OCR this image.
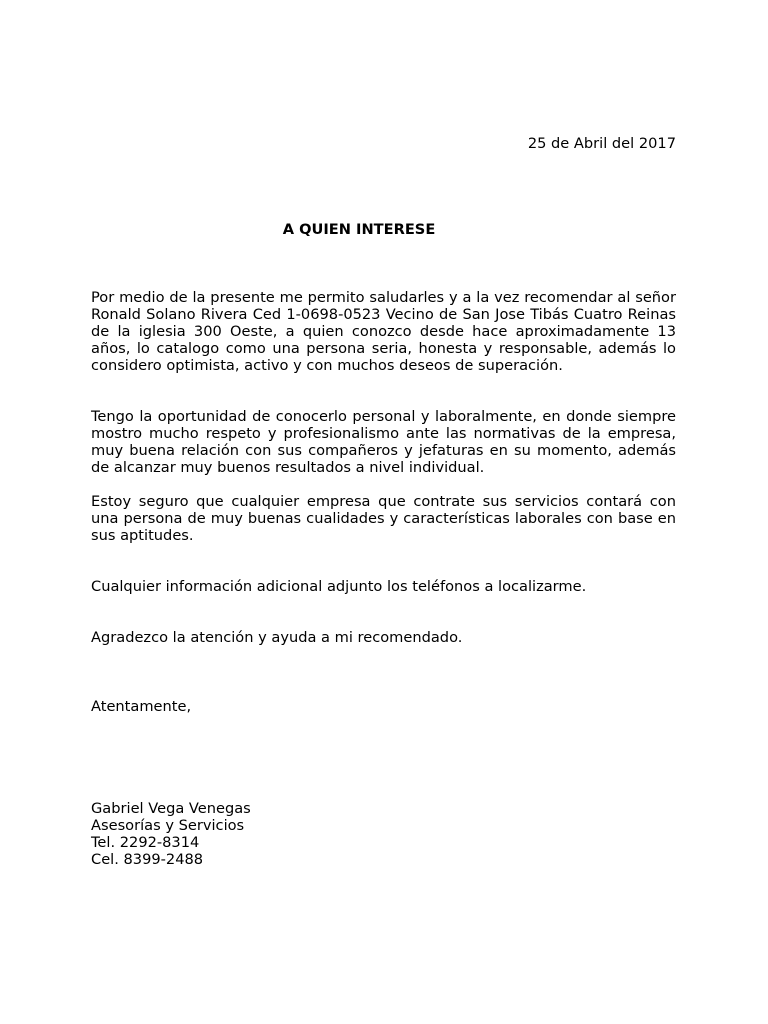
25 de Abril del 2017
A QUIEN INTERESE

Por medio de la presente me permito saludarles y a la vez recomendar al señor Ronald Solano Rivera Ced 1-0698-0523 Vecino de San Jose Tibás Cuatro Reinas de la iglesia 300 Oeste, a quien conozco desde hace aproximadamente 13 años, lo catalogo como una persona seria, honesta y responsable, además lo considero optimista, activo y con muchos deseos de superación.

Tengo la oportunidad de conocerlo personal y laboralmente, en donde siempre mostro mucho respeto y profesionalismo ante las normativas de la empresa, muy buena relación con sus compañeros y jefaturas en su momento, además de alcanzar muy buenos resultados a nivel individual.

Estoy seguro que cualquier empresa que contrate sus servicios contará con una persona de muy buenas cualidades y características laborales con base en sus aptitudes.

Cualquier información adicional adjunto los teléfonos a localizarme.

Agradezco la atención y ayuda a mi recomendado.

Atentamente,

Gabriel Vega Venegas
Asesorías y Servicios
Tel. 2292-8314
Cel. 8399-2488
